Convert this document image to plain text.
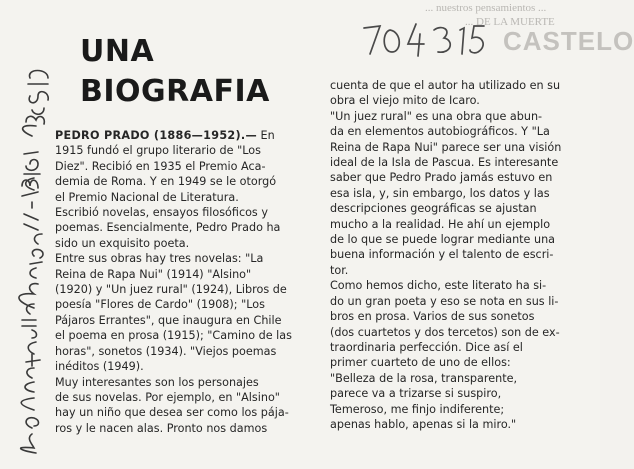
... nuestros pensamientos ...
... DE LA MUERTE
CASTELO
UNA
BIOGRAFIA

PEDRO PRADO (1886—1952).— En

1915 fundó el grupo literario de "Los

Diez". Recibió en 1935 el Premio Aca-

demia de Roma. Y en 1949 se le otorgó

el Premio Nacional de Literatura.

Escribió novelas, ensayos filosóficos y

poemas. Esencialmente, Pedro Prado ha

sido un exquisito poeta.

Entre sus obras hay tres novelas: "La

Reina de Rapa Nui" (1914) "Alsino"

(1920) y "Un juez rural" (1924), Libros de

poesía "Flores de Cardo" (1908); "Los

Pájaros Errantes", que inaugura en Chile

el poema en prosa (1915); "Camino de las

horas", sonetos (1934). "Viejos poemas

inéditos (1949).

Muy interesantes son los personajes

de sus novelas. Por ejemplo, en "Alsino"

hay un niño que desea ser como los pája-

ros y le nacen alas. Pronto nos damos

cuenta de que el autor ha utilizado en su

obra el viejo mito de Icaro.

"Un juez rural" es una obra que abun-

da en elementos autobiográficos. Y "La

Reina de Rapa Nui" parece ser una visión

ideal de la Isla de Pascua. Es interesante

saber que Pedro Prado jamás estuvo en

esa isla, y, sin embargo, los datos y las

descripciones geográficas se ajustan

mucho a la realidad. He ahí un ejemplo

de lo que se puede lograr mediante una

buena información y el talento de escri-

tor.

Como hemos dicho, este literato ha si-

do un gran poeta y eso se nota en sus li-

bros en prosa. Varios de sus sonetos

(dos cuartetos y dos tercetos) son de ex-

traordinaria perfección. Dice así el

primer cuarteto de uno de ellos:

"Belleza de la rosa, transparente,

parece va a trizarse si suspiro,

Temeroso, me finjo indiferente;

apenas hablo, apenas si la miro."
